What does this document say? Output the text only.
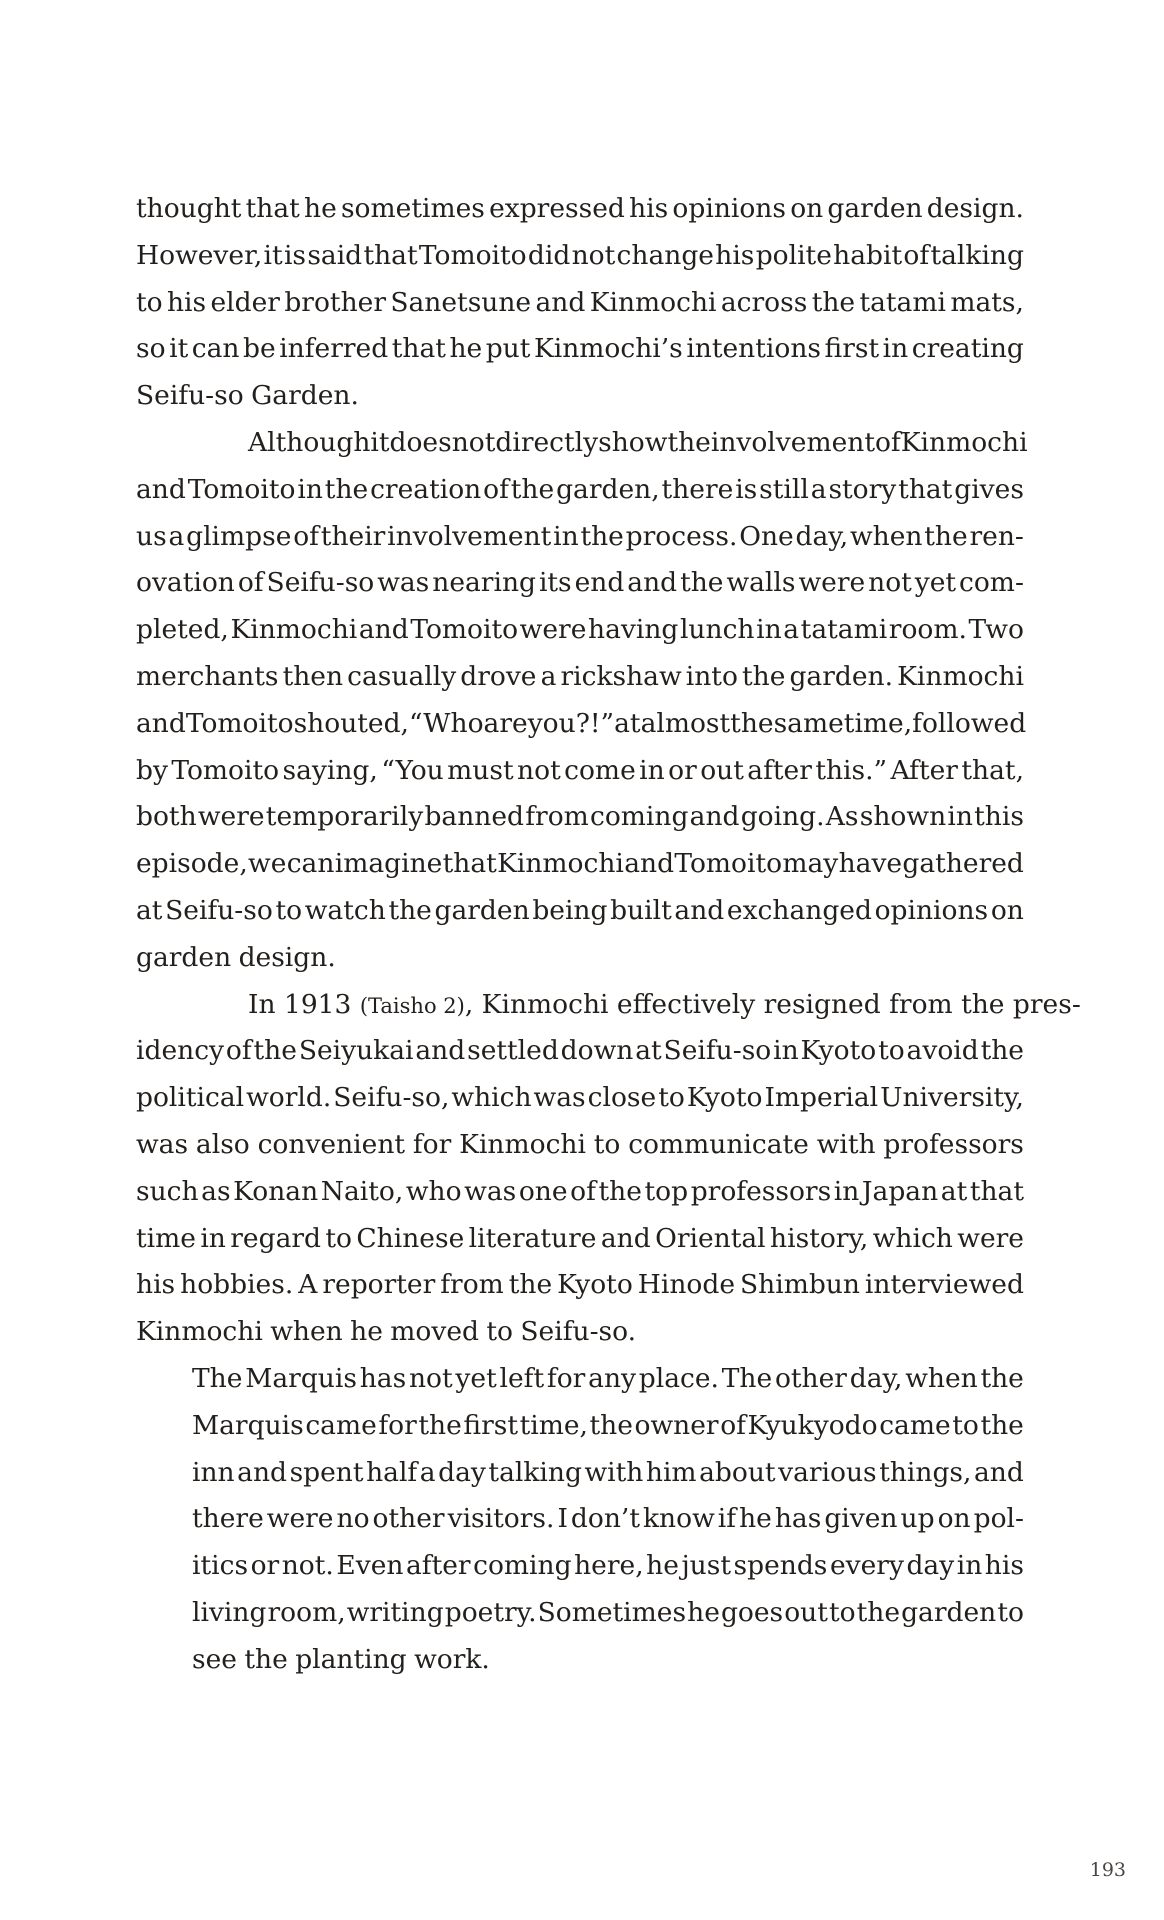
thought that he sometimes expressed his opinions on garden design.
However, it is said that Tomoito did not change his polite habit of talking
to his elder brother Sanetsune and Kinmochi across the tatami mats,
so it can be inferred that he put Kinmochi’s intentions first in creating
Seifu-so Garden.
Although it does not directly show the involvement of Kinmochi
and Tomoito in the creation of the garden, there is still a story that gives
us a glimpse of their involvement in the process. One day, when the ren-
ovation of Seifu-so was nearing its end and the walls were not yet com-
pleted, Kinmochi and Tomoito were having lunch in a tatami room. Two
merchants then casually drove a rickshaw into the garden. Kinmochi
and Tomoito shouted, “Who are you?!” at almost the same time, followed
by Tomoito saying, “You must not come in or out after this.” After that,
both were temporarily banned from coming and going. As shown in this
episode, we can imagine that Kinmochi and Tomoito may have gathered
at Seifu-so to watch the garden being built and exchanged opinions on
garden design.
In 1913 (Taisho 2), Kinmochi effectively resigned from the pres-
idency of the Seiyukai and settled down at Seifu-so in Kyoto to avoid the
political world. Seifu-so, which was close to Kyoto Imperial University,
was also convenient for Kinmochi to communicate with professors
such as Konan Naito, who was one of the top professors in Japan at that
time in regard to Chinese literature and Oriental history, which were
his hobbies. A reporter from the Kyoto Hinode Shimbun interviewed
Kinmochi when he moved to Seifu-so.
The Marquis has not yet left for any place. The other day, when the
Marquis came for the first time, the owner of Kyukyodo came to the
inn and spent half a day talking with him about various things, and
there were no other visitors. I don’t know if he has given up on pol-
itics or not. Even after coming here, he just spends every day in his
living room, writing poetry. Sometimes he goes out to the garden to
see the planting work.
193
